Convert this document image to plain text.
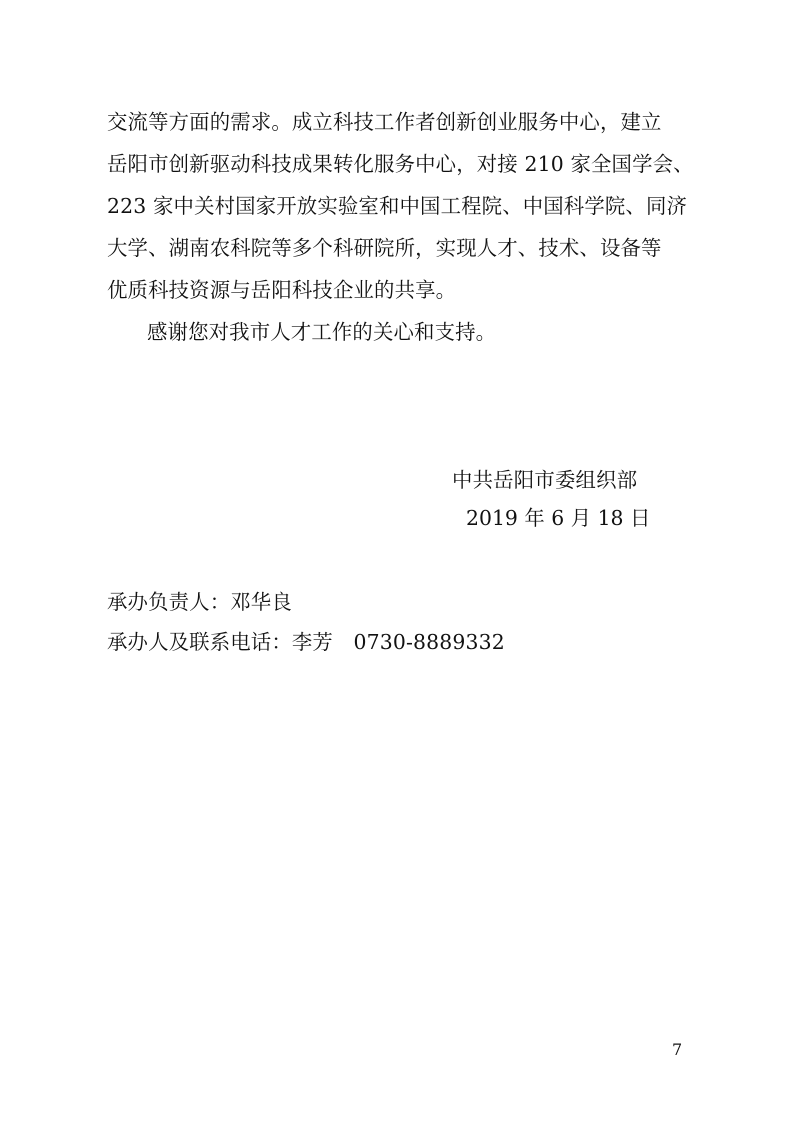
交流等方面的需求。成立科技工作者创新创业服务中心，建立
岳阳市创新驱动科技成果转化服务中心，对接 210 家全国学会、
223 家中关村国家开放实验室和中国工程院、中国科学院、同济
大学、湖南农科院等多个科研院所，实现人才、技术、设备等
优质科技资源与岳阳科技企业的共享。
感谢您对我市人才工作的关心和支持。
中共岳阳市委组织部
2019 年 6 月 18 日
承办负责人：邓华良
承办人及联系电话：李芳　0730-8889332
7
